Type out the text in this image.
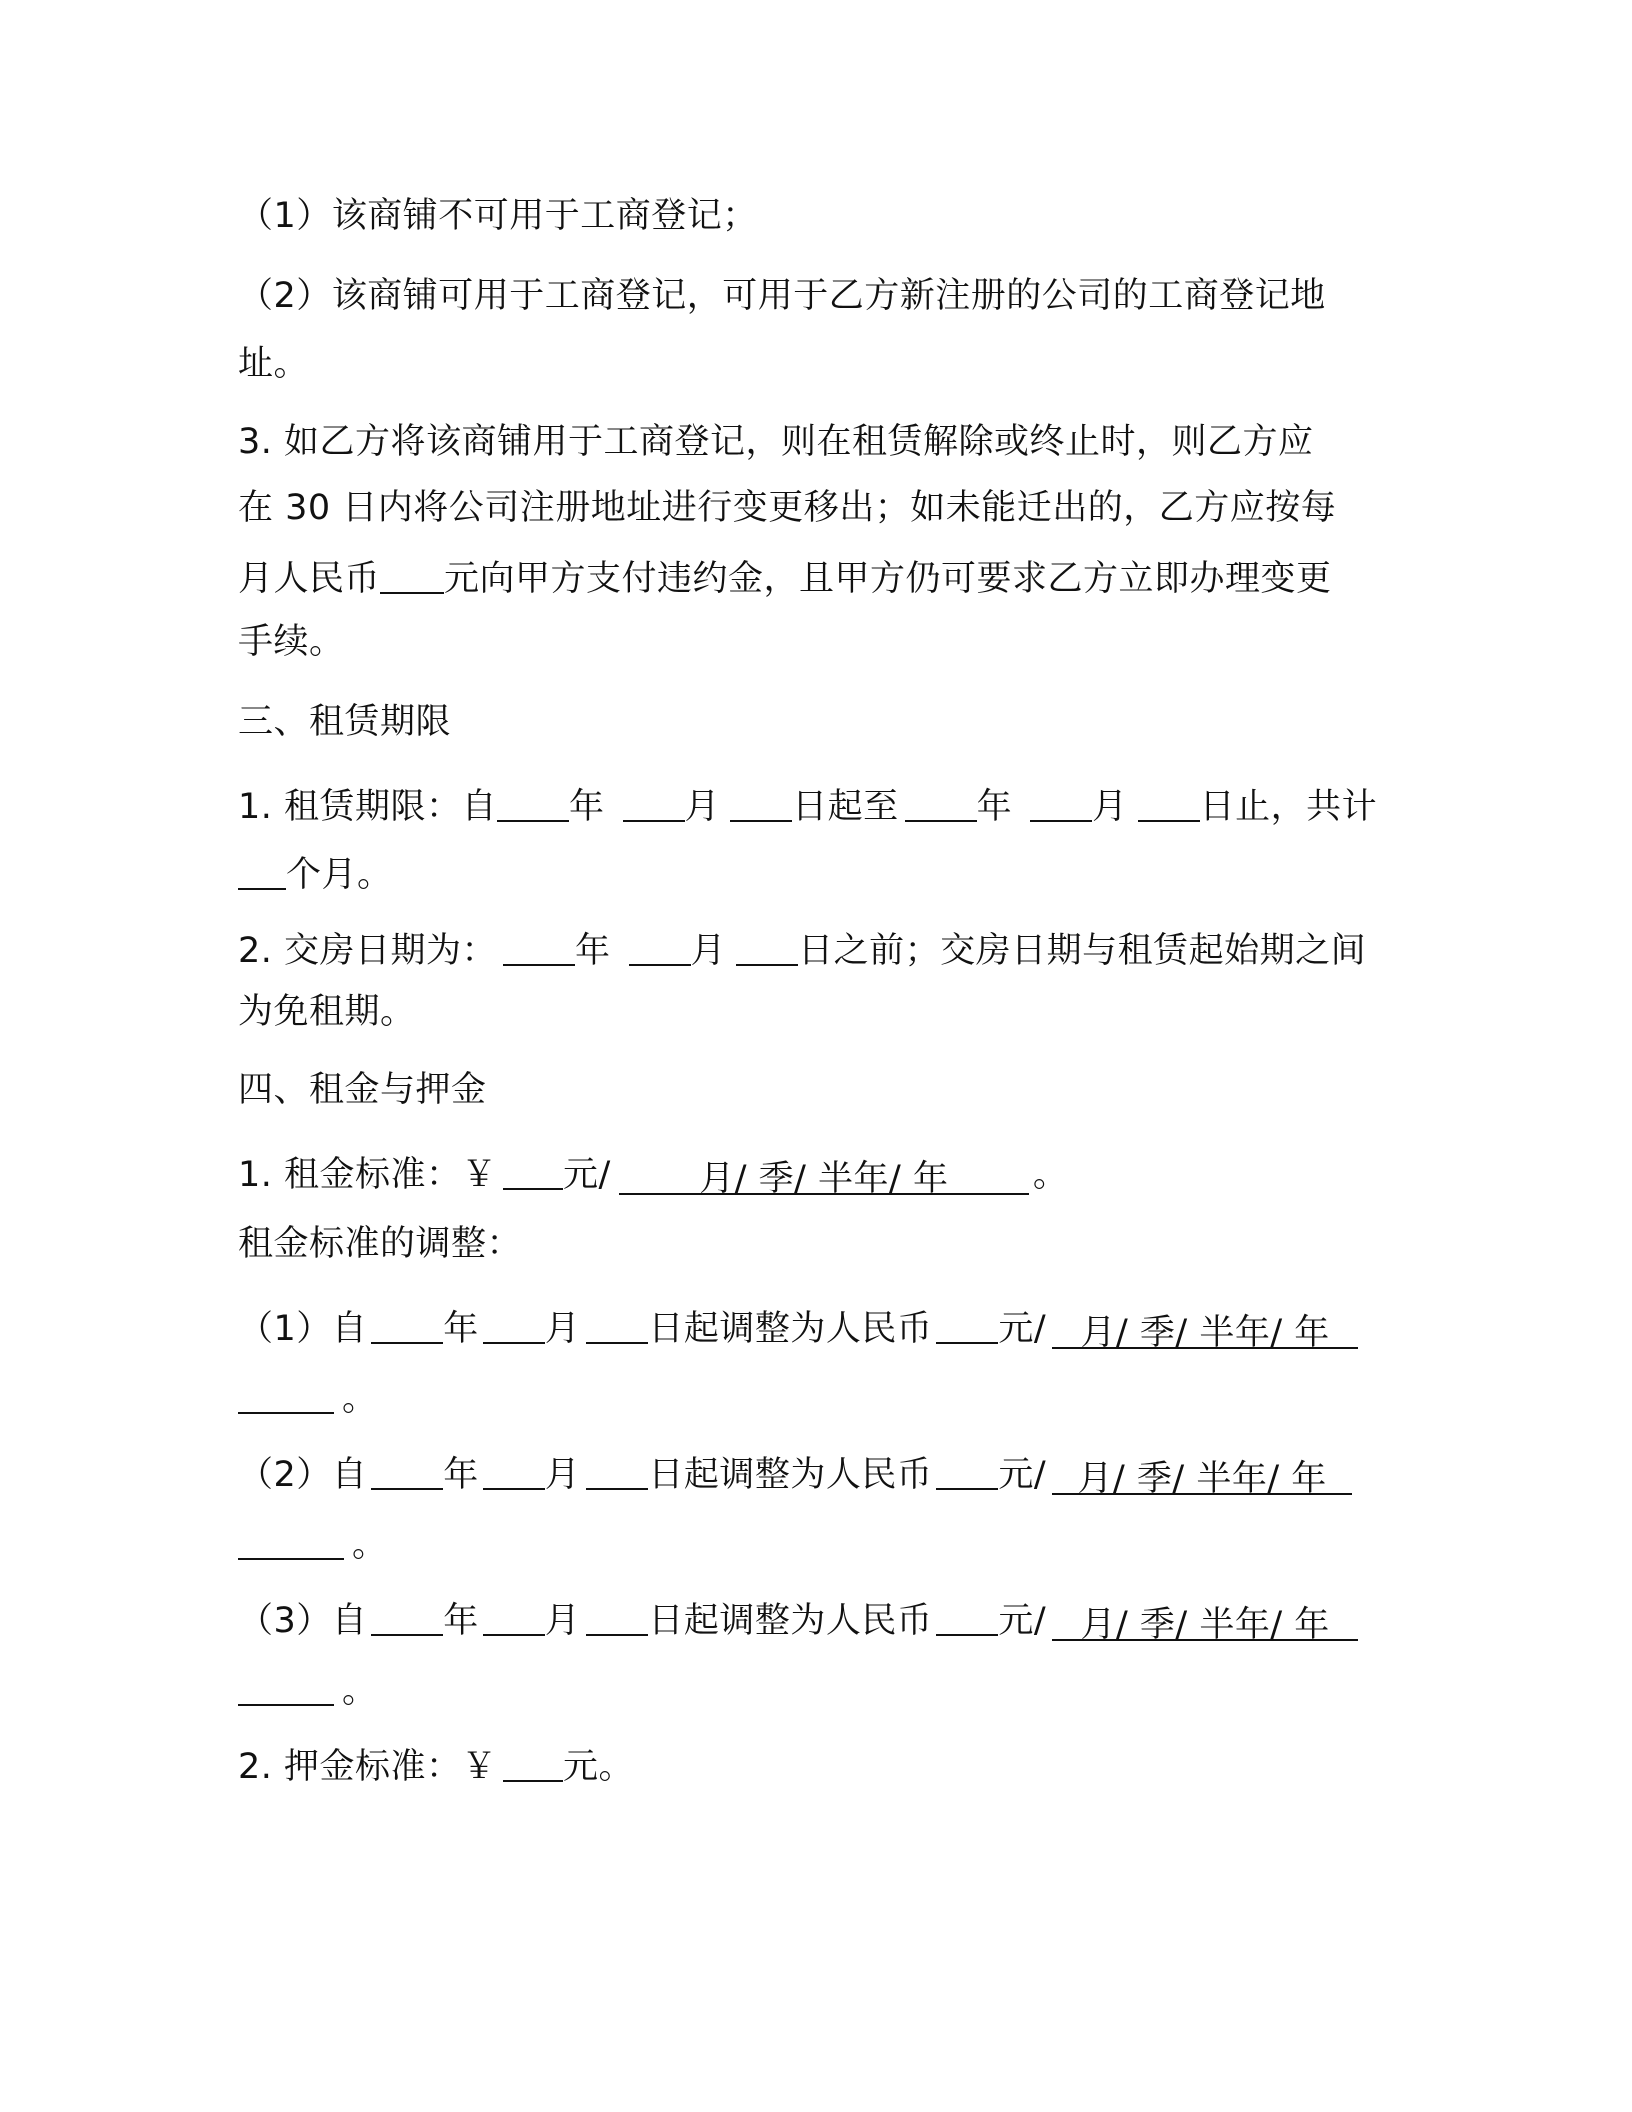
（1）该商铺不可用于工商登记；
（2）该商铺可用于工商登记，可用于乙方新注册的公司的工商登记地
址。
3. 如乙方将该商铺用于工商登记，则在租赁解除或终止时，则乙方应
在 30 日内将公司注册地址进行变更移出；如未能迁出的，乙方应按每
月人民币 元向甲方支付违约金，且甲方仍可要求乙方立即办理变更
手续。
三、租赁期限
1. 租赁期限：自 年 月 日起至 年 月 日止，共计
个月。
2. 交房日期为： 年 月 日之前；交房日期与租赁起始期之间
为免租期。
四、租金与押金
1. 租金标准：￥ 元/	月/ 季/ 半年/ 年 。
租金标准的调整：
（1）自 年 月 日起调整为人民币 元/ 月/ 季/ 半年/ 年
。
（2）自 年 月 日起调整为人民币 元/ 月/ 季/ 半年/ 年
。
（3）自 年 月 日起调整为人民币 元/ 月/ 季/ 半年/ 年
。
2. 押金标准：￥ 元。
